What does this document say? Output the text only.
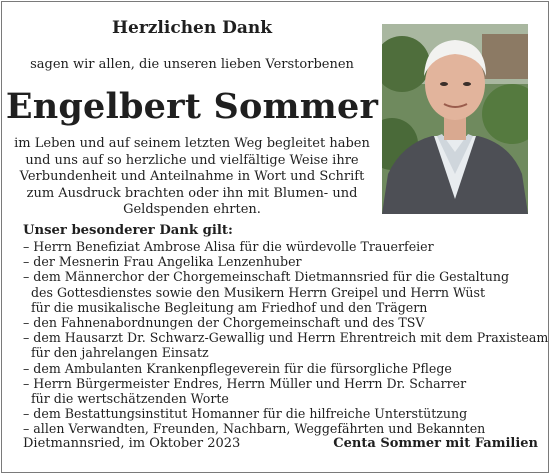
Herzlichen Dank
sagen wir allen, die unseren lieben Verstorbenen
Engelbert Sommer
im Leben und auf seinem letzten Weg begleitet haben
und uns auf so herzliche und vielfältige Weise ihre
Verbundenheit und Anteilnahme in Wort und Schrift
zum Ausdruck brachten oder ihn mit Blumen- und
Geldspenden ehrten.
Unser besonderer Dank gilt:
– Herrn Benefiziat Ambrose Alisa für die würdevolle Trauerfeier
– der Mesnerin Frau Angelika Lenzenhuber
– dem Männerchor der Chorgemeinschaft Dietmannsried für die Gestaltung
des Gottesdienstes sowie den Musikern Herrn Greipel und Herrn Wüst
für die musikalische Begleitung am Friedhof und den Trägern
– den Fahnenabordnungen der Chorgemeinschaft und des TSV
– dem Hausarzt Dr. Schwarz-Gewallig und Herrn Ehrentreich mit dem Praxisteam
für den jahrelangen Einsatz
– dem Ambulanten Krankenpflegeverein für die fürsorgliche Pflege
– Herrn Bürgermeister Endres, Herrn Müller und Herrn Dr. Scharrer
für die wertschätzenden Worte
– dem Bestattungsinstitut Homanner für die hilfreiche Unterstützung
– allen Verwandten, Freunden, Nachbarn, Weggefährten und Bekannten
Dietmannsried, im Oktober 2023	Centa Sommer mit Familien
